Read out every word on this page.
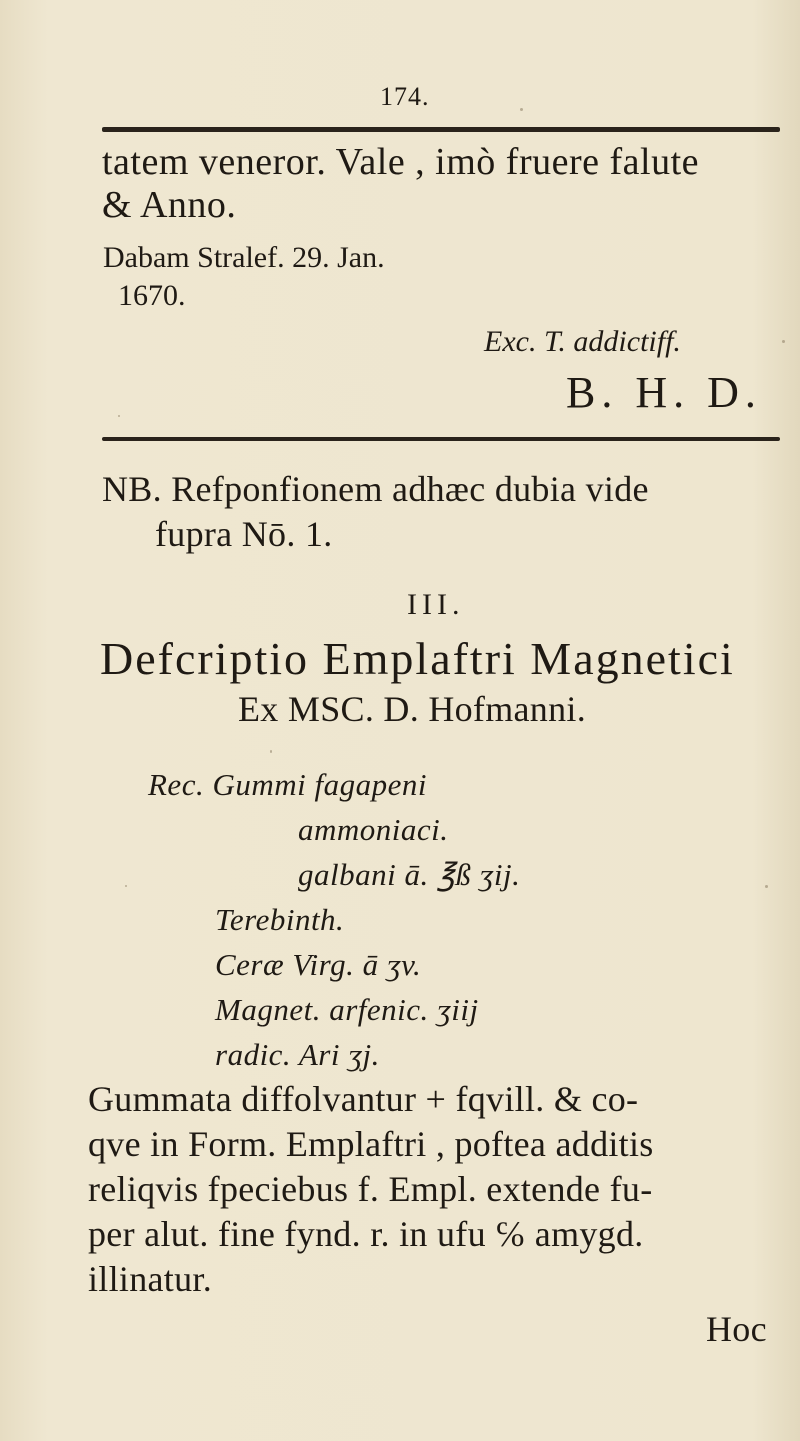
174.
tatem veneror. Vale , imò fruere falute
& Anno.
Dabam Stralef. 29. Jan.
1670.
Exc. T. addictiff.
B. H. D.
NB. Refponfionem adhæc dubia vide
fupra Nō. 1.
III.
Defcriptio Emplaftri Magnetici
Ex MSC. D. Hofmanni.
Rec. Gummi fagapeni
ammoniaci.
galbani ā. ℥ß ʒij.
Terebinth.
Ceræ Virg. ā ʒv.
Magnet. arfenic. ʒiij
radic. Ari ʒj.
Gummata diffolvantur + fqvill. & co-
qve in Form. Emplaftri , poftea additis
reliqvis fpeciebus f. Empl. extende fu-
per alut. fine fynd. r. in ufu ℅ amygd.
illinatur.
Hoc
